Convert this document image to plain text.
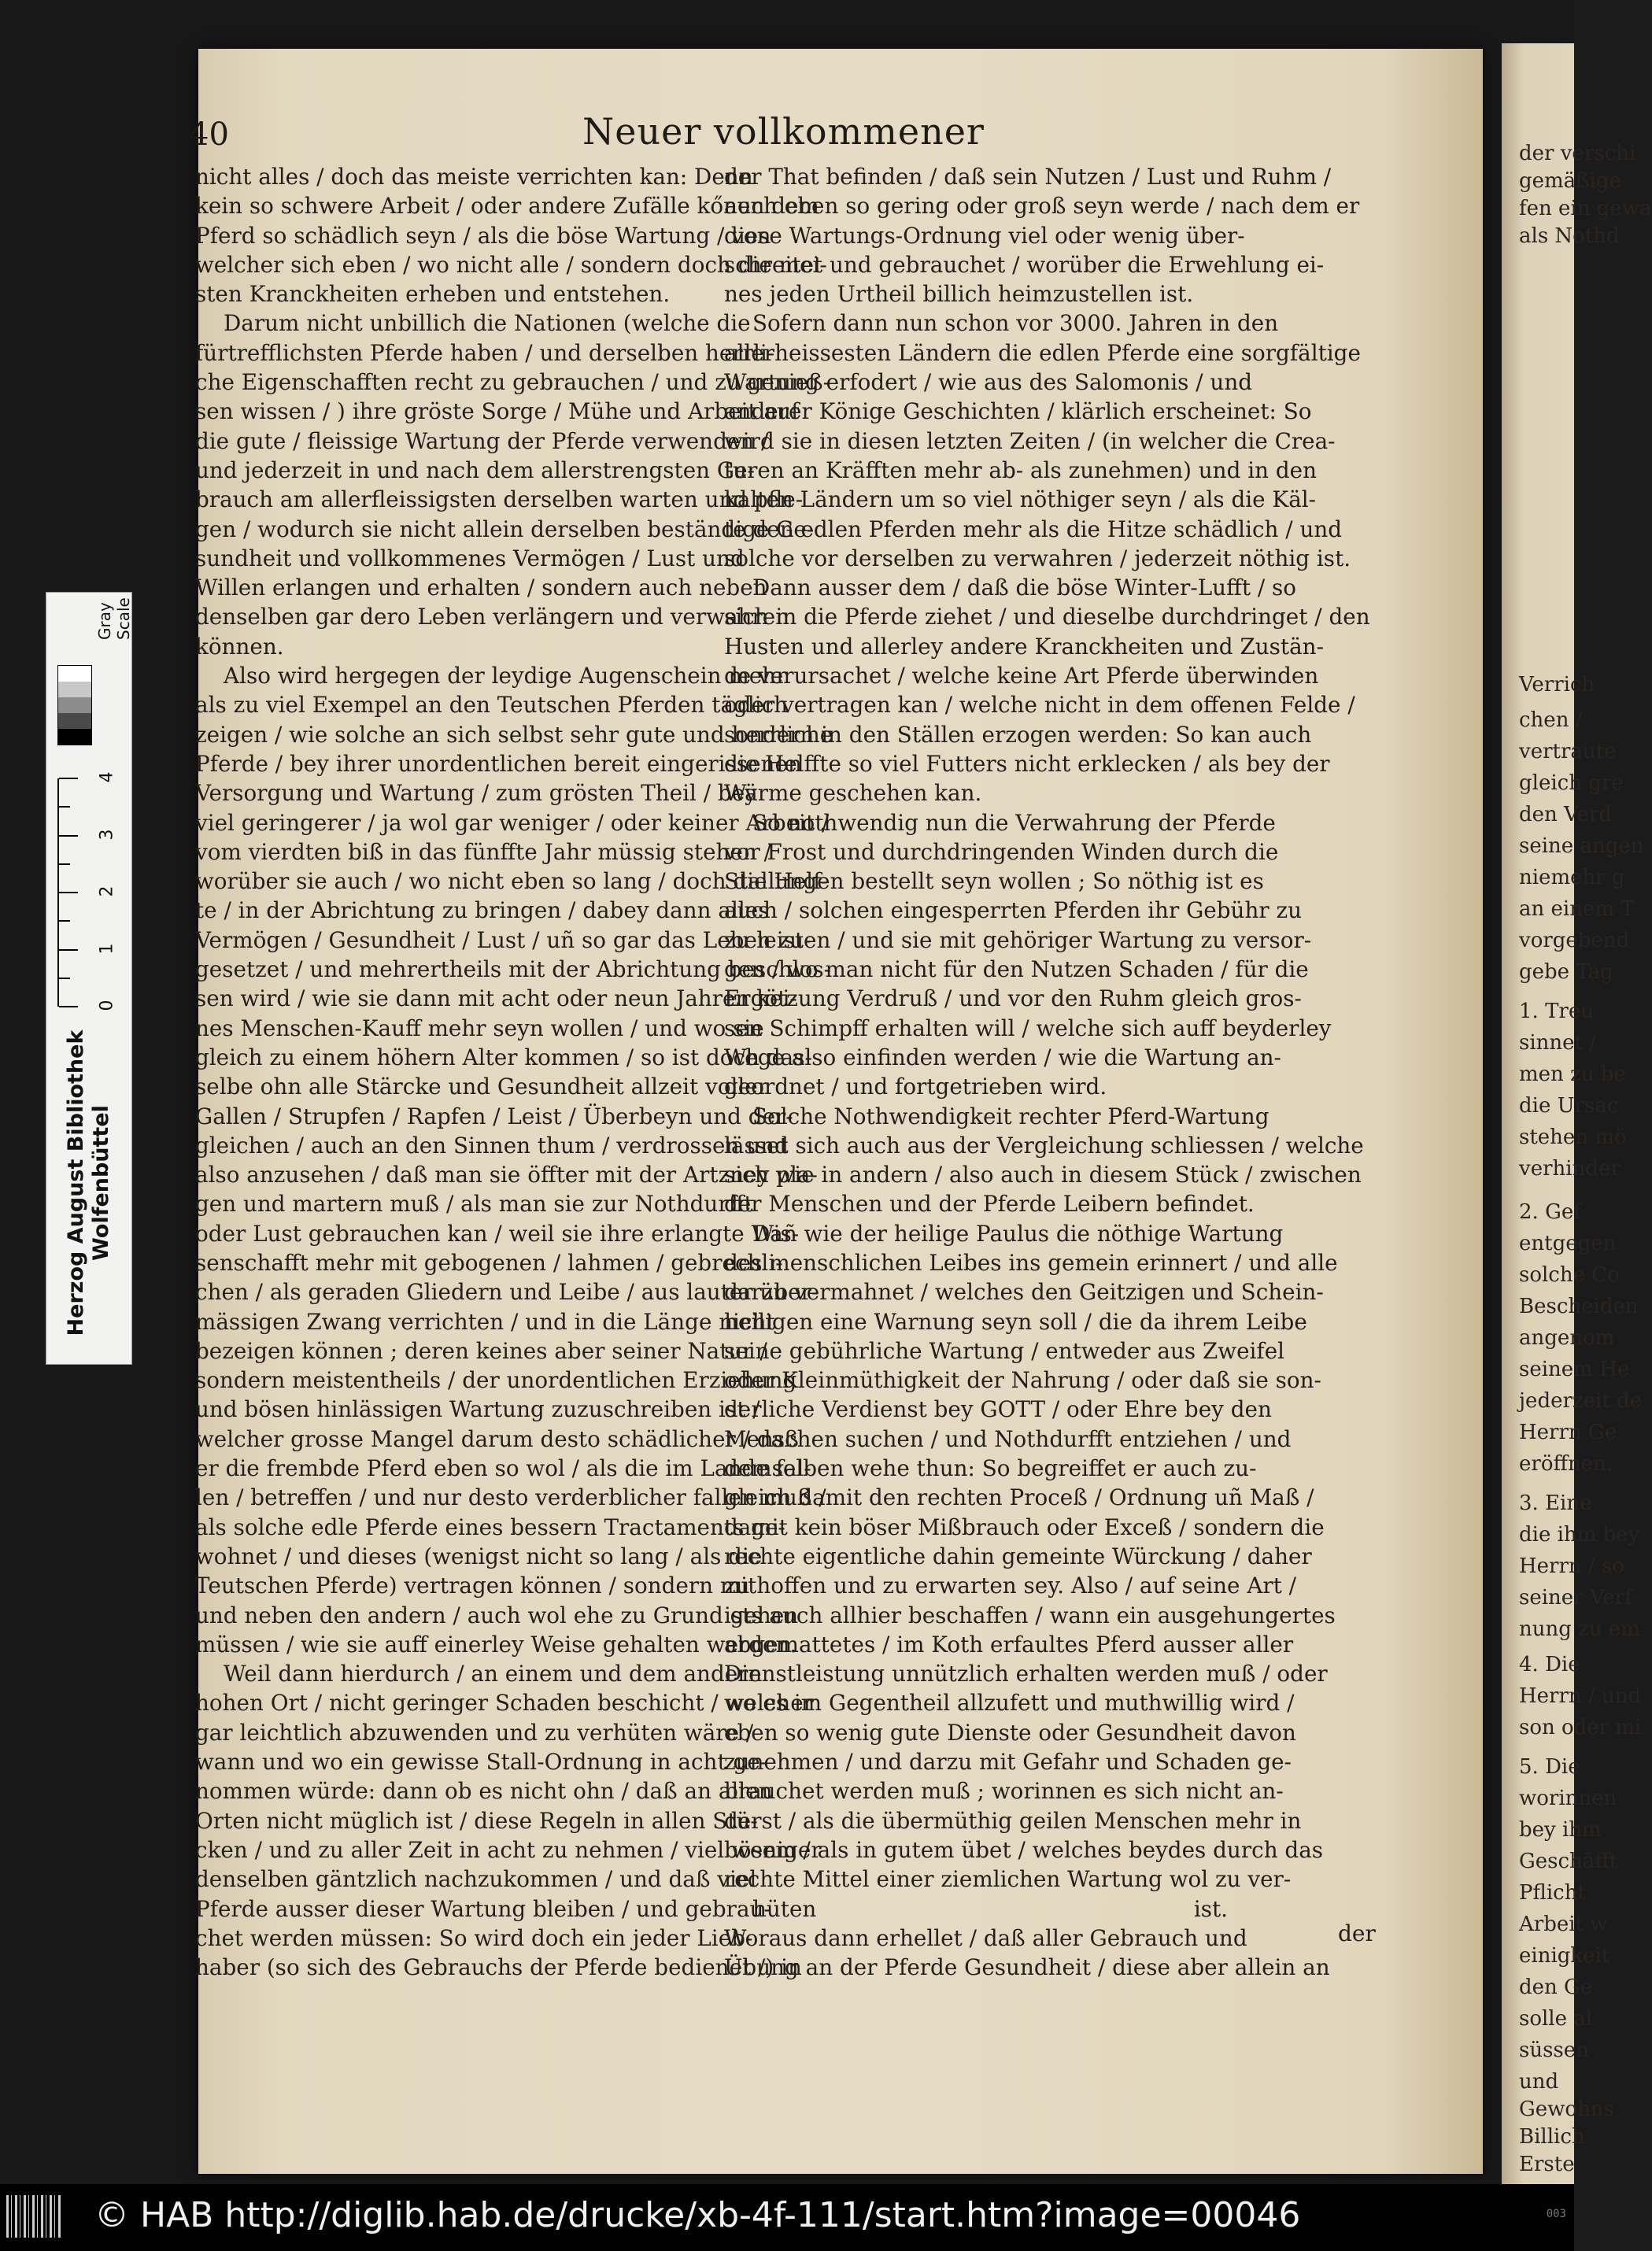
der verschi
gemäßige
fen ein gewa
als Nothd
Verrich
chen /
vertraute
gleich gre
den Verd
seine angen
niemehr g
an einem T
vorgebend
gebe Tag
1. Treu
sinnet /
men zu be
die Ursac
stehen mö
verhinder
2. Gef
entgegen
solche Co
Bescheiden
angenom
seinem He
jederzeit de
Herrn Ge
eröffnen.
3. Eine
die ihm bey
Herrn / so
seiner Verf
nung zu em
4. Die
Herrn / und
son oder mi
5. Die
worinnen
bey ihm
Geschäfft
Pflicht
Arbeit w
einigkeit
den Ge
solle al
süssen
und
Gewohns
Billich
Erste
40	Neuer vollkommener
nicht alles / doch das meiste verrichten kan: Denn
kein so schwere Arbeit / oder andere Zufälle kőnen dem
Pferd so schädlich seyn / als die böse Wartung / von
welcher sich eben / wo nicht alle / sondern doch die mei-
sten Kranckheiten erheben und entstehen.
Darum nicht unbillich die Nationen (welche die
fürtrefflichsten Pferde haben / und derselben herrli-
che Eigenschafften recht zu gebrauchen / und zu genieß-
sen wissen / ) ihre gröste Sorge / Mühe und Arbeit auf
die gute / fleissige Wartung der Pferde verwenden /
und jederzeit in und nach dem allerstrengsten Ge-
brauch am allerfleissigsten derselben warten und pfle-
gen / wodurch sie nicht allein derselben beständige Ge-
sundheit und vollkommenes Vermögen / Lust und
Willen erlangen und erhalten / sondern auch neben
denselben gar dero Leben verlängern und verwahren
können.
Also wird hergegen der leydige Augenschein mehr
als zu viel Exempel an den Teutschen Pferden täglich
zeigen / wie solche an sich selbst sehr gute und herrliche
Pferde / bey ihrer unordentlichen bereit eingerissenen
Versorgung und Wartung / zum grösten Theil / bey
viel geringerer / ja wol gar weniger / oder keiner Arbeit /
vom vierdten biß in das fünffte Jahr müssig stehen /
worüber sie auch / wo nicht eben so lang / doch die Helf-
te / in der Abrichtung zu bringen / dabey dann alles
Vermögen / Gesundheit / Lust / uñ so gar das Leben zu-
gesetzet / und mehrertheils mit der Abrichtung beschlos-
sen wird / wie sie dann mit acht oder neun Jahren kei-
nes Menschen-Kauff mehr seyn wollen / und wo sie
gleich zu einem höhern Alter kommen / so ist doch das-
selbe ohn alle Stärcke und Gesundheit allzeit voller
Gallen / Strupfen / Rapfen / Leist / Überbeyn und der-
gleichen / auch an den Sinnen thum / verdrossen und
also anzusehen / daß man sie öffter mit der Artzney pla-
gen und martern muß / als man sie zur Nothdurfft
oder Lust gebrauchen kan / weil sie ihre erlangte Wis-
senschafft mehr mit gebogenen / lahmen / gebrechli-
chen / als geraden Gliedern und Leibe / aus lauter über-
mässigen Zwang verrichten / und in die Länge nicht
bezeigen können ; deren keines aber seiner Natur /
sondern meistentheils / der unordentlichen Erziehung
und bösen hinlässigen Wartung zuzuschreiben ist /
welcher grosse Mangel darum desto schädlicher / daß
er die frembde Pferd eben so wol / als die im Lande fal-
len / betreffen / und nur desto verderblicher fallen muß /
als solche edle Pferde eines bessern Tractaments ge-
wohnet / und dieses (wenigst nicht so lang / als die
Teutschen Pferde) vertragen können / sondern mit
und neben den andern / auch wol ehe zu Grund gehen
müssen / wie sie auff einerley Weise gehalten werden.
Weil dann hierdurch / an einem und dem andern
hohen Ort / nicht geringer Schaden beschicht / welcher
gar leichtlich abzuwenden und zu verhüten wäre /
wann und wo ein gewisse Stall-Ordnung in acht ge-
nommen würde: dann ob es nicht ohn / daß an allen
Orten nicht müglich ist / diese Regeln in allen Stü-
cken / und zu aller Zeit in acht zu nehmen / viel weniger
denselben gäntzlich nachzukommen / und daß viel
Pferde ausser dieser Wartung bleiben / und gebrau-
chet werden müssen: So wird doch ein jeder Lieb-
haber (so sich des Gebrauchs der Pferde bedienet /) in
der That befinden / daß sein Nutzen / Lust und Ruhm /
auch eben so gering oder groß seyn werde / nach dem er
diese Wartungs-Ordnung viel oder wenig über-
schreitet und gebrauchet / worüber die Erwehlung ei-
nes jeden Urtheil billich heimzustellen ist.
Sofern dann nun schon vor 3000. Jahren in den
allerheissesten Ländern die edlen Pferde eine sorgfältige
Wartung erfodert / wie aus des Salomonis / und
anderer Könige Geschichten / klärlich erscheinet: So
wird sie in diesen letzten Zeiten / (in welcher die Crea-
turen an Kräfften mehr ab- als zunehmen) und in den
kalten Ländern um so viel nöthiger seyn / als die Käl-
te den edlen Pferden mehr als die Hitze schädlich / und
solche vor derselben zu verwahren / jederzeit nöthig ist.
Dann ausser dem / daß die böse Winter-Lufft / so
sich in die Pferde ziehet / und dieselbe durchdringet / den
Husten und allerley andere Kranckheiten und Zustän-
de verursachet / welche keine Art Pferde überwinden
oder vertragen kan / welche nicht in dem offenen Felde /
sondern in den Ställen erzogen werden: So kan auch
die Helffte so viel Futters nicht erklecken / als bey der
Wärme geschehen kan.
So nothwendig nun die Verwahrung der Pferde
vor Frost und durchdringenden Winden durch die
Stallungen bestellt seyn wollen ; So nöthig ist es
auch / solchen eingesperrten Pferden ihr Gebühr zu
zu leisten / und sie mit gehöriger Wartung zu versor-
gen / wo man nicht für den Nutzen Schaden / für die
Ergötzung Verdruß / und vor den Ruhm gleich gros-
sen Schimpff erhalten will / welche sich auff beyderley
Wege also einfinden werden / wie die Wartung an-
geordnet / und fortgetrieben wird.
Solche Nothwendigkeit rechter Pferd-Wartung
lässet sich auch aus der Vergleichung schliessen / welche
sich wie in andern / also auch in diesem Stück / zwischen
der Menschen und der Pferde Leibern befindet.
Dañ wie der heilige Paulus die nöthige Wartung
des menschlichen Leibes ins gemein erinnert / und alle
darzu vermahnet / welches den Geitzigen und Schein-
heiligen eine Warnung seyn soll / die da ihrem Leibe
seine gebührliche Wartung / entweder aus Zweifel
oder Kleinmüthigkeit der Nahrung / oder daß sie son-
derliche Verdienst bey GOTT / oder Ehre bey den
Menschen suchen / und Nothdurfft entziehen / und
demselben wehe thun: So begreiffet er auch zu-
gleich damit den rechten Proceß / Ordnung uñ Maß /
damit kein böser Mißbrauch oder Exceß / sondern die
rechte eigentliche dahin gemeinte Würckung / daher
zu hoffen und zu erwarten sey. Also / auf seine Art /
ists auch allhier beschaffen / wann ein ausgehungertes
abgemattetes / im Koth erfaultes Pferd ausser aller
Dienstleistung unnützlich erhalten werden muß / oder
wo es im Gegentheil allzufett und muthwillig wird /
eben so wenig gute Dienste oder Gesundheit davon
zunehmen / und darzu mit Gefahr und Schaden ge-
brauchet werden muß ; worinnen es sich nicht an-
derst / als die übermüthig geilen Menschen mehr in
bösem / als in gutem übet / welches beydes durch das
rechte Mittel einer ziemlichen Wartung wol zu ver-
hüten ist.
Woraus dann erhellet / daß aller Gebrauch und
Übung an der Pferde Gesundheit / diese aber allein an
der
Gray Scale
0
1
2
3
4
Herzog August Bibliothek Wolfenbüttel
© HAB http://diglib.hab.de/drucke/xb-4f-111/start.htm?image=00046	003
